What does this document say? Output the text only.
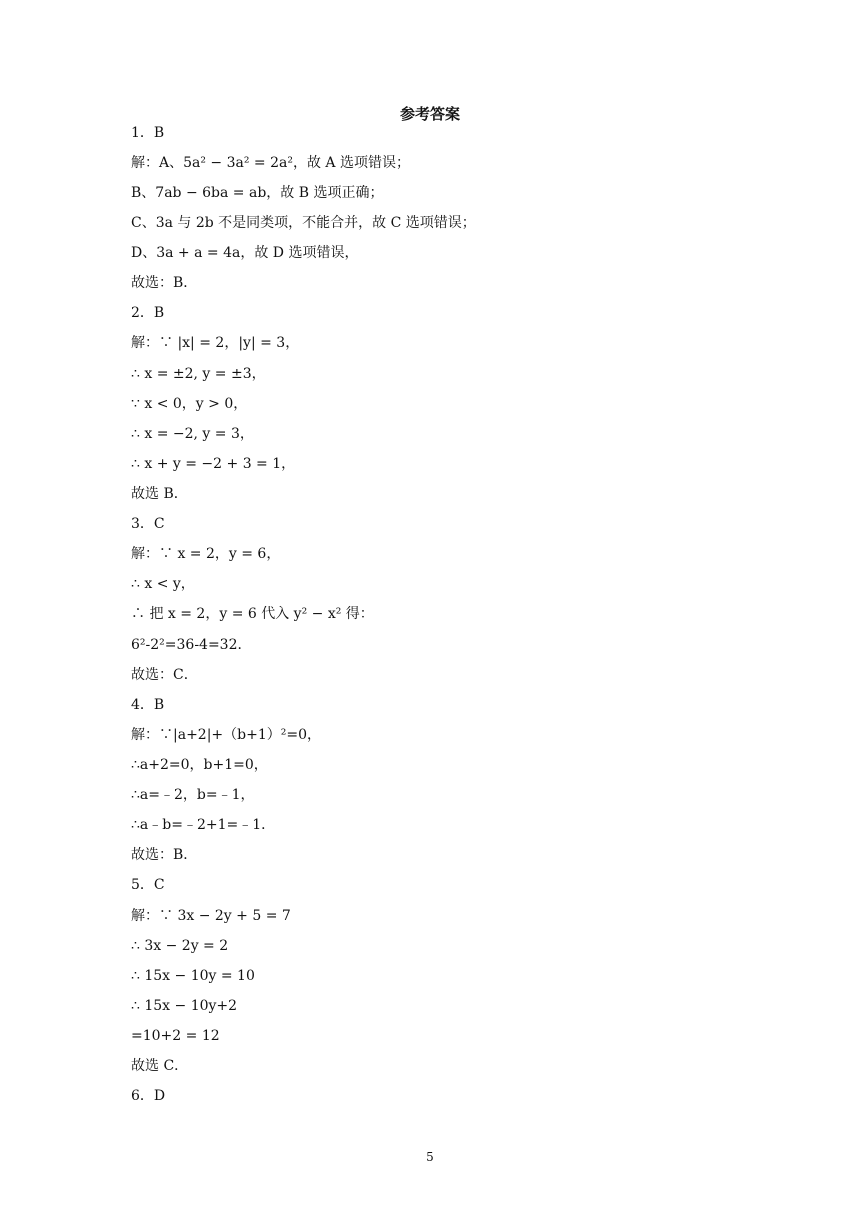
参考答案
1．B
解：A、5a² − 3a² = 2a²，故 A 选项错误；
B、7ab − 6ba = ab，故 B 选项正确；
C、3a 与 2b 不是同类项，不能合并，故 C 选项错误；
D、3a + a = 4a，故 D 选项错误，
故选：B．
2．B
解：∵ |x| = 2，|y| = 3，
∴ x = ±2, y = ±3，
∵ x < 0，y > 0，
∴ x = −2, y = 3，
∴ x + y = −2 + 3 = 1，
故选 B．
3．C
解：∵ x = 2，y = 6，
∴ x < y，
∴ 把 x = 2，y = 6 代入 y² − x² 得：
6²-2²=36-4=32．
故选：C．
4．B
解：∵|a+2|+（b+1）²=0，
∴a+2=0，b+1=0，
∴a=﹣2，b=﹣1，
∴a﹣b=﹣2+1=﹣1．
故选：B．
5．C
解：∵ 3x − 2y + 5 = 7
∴ 3x − 2y = 2
∴ 15x − 10y = 10
∴ 15x − 10y+2
=10+2 = 12
故选 C．
6．D
5
